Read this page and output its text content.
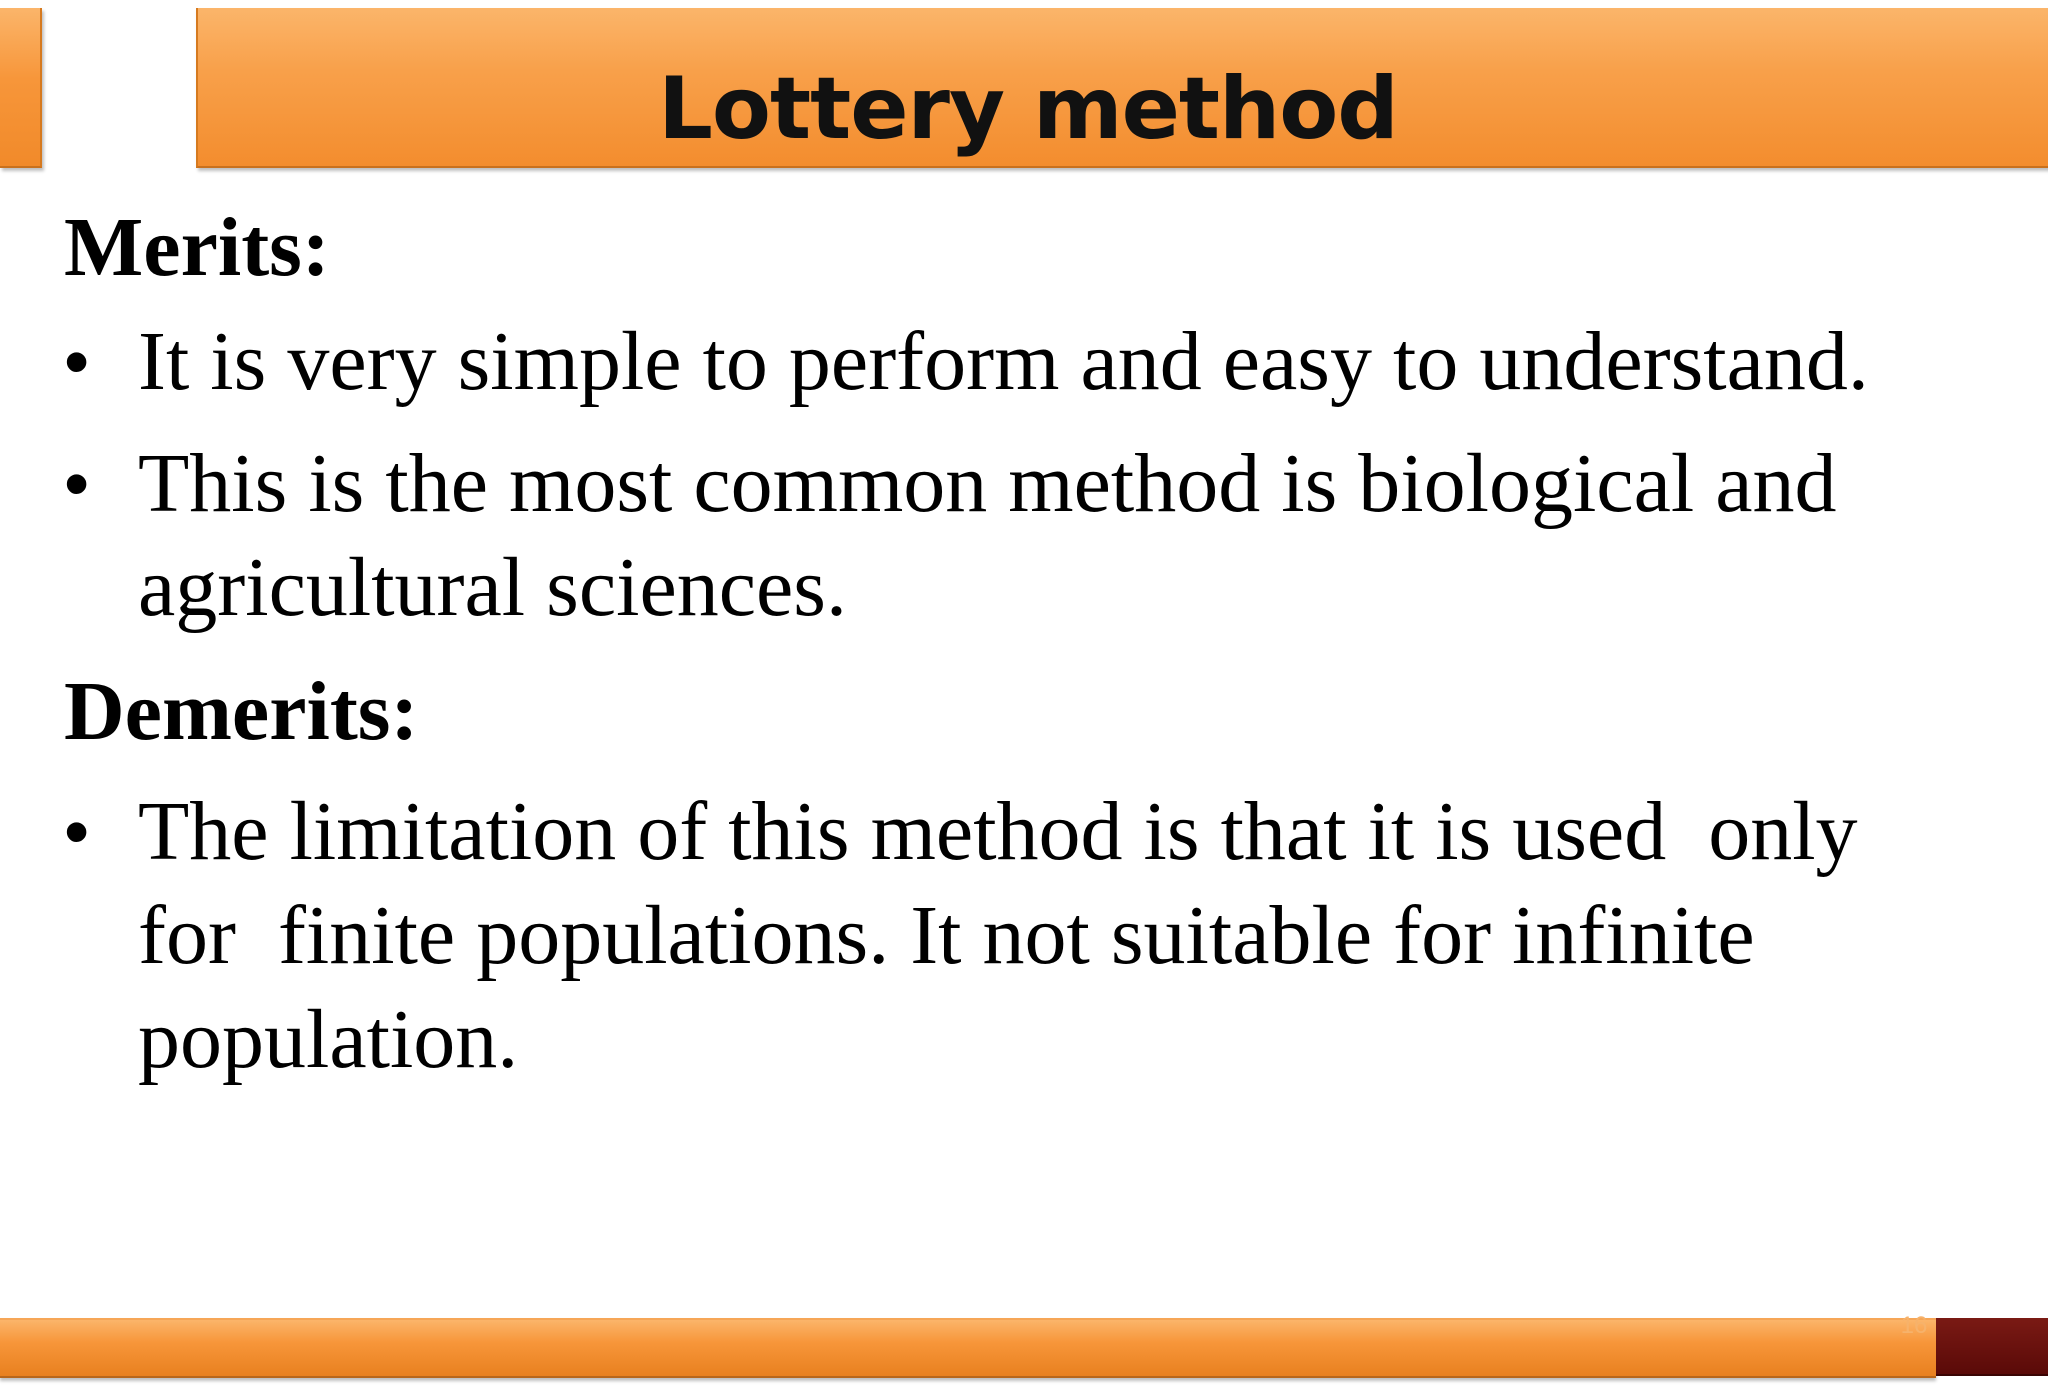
Lottery method
Merits:
• It is very simple to perform and easy to understand.
• This is the most common method is biological and agricultural sciences.
Demerits:
• The limitation of this method is that it is used  only for  finite populations. It not suitable for infinite population.
16
